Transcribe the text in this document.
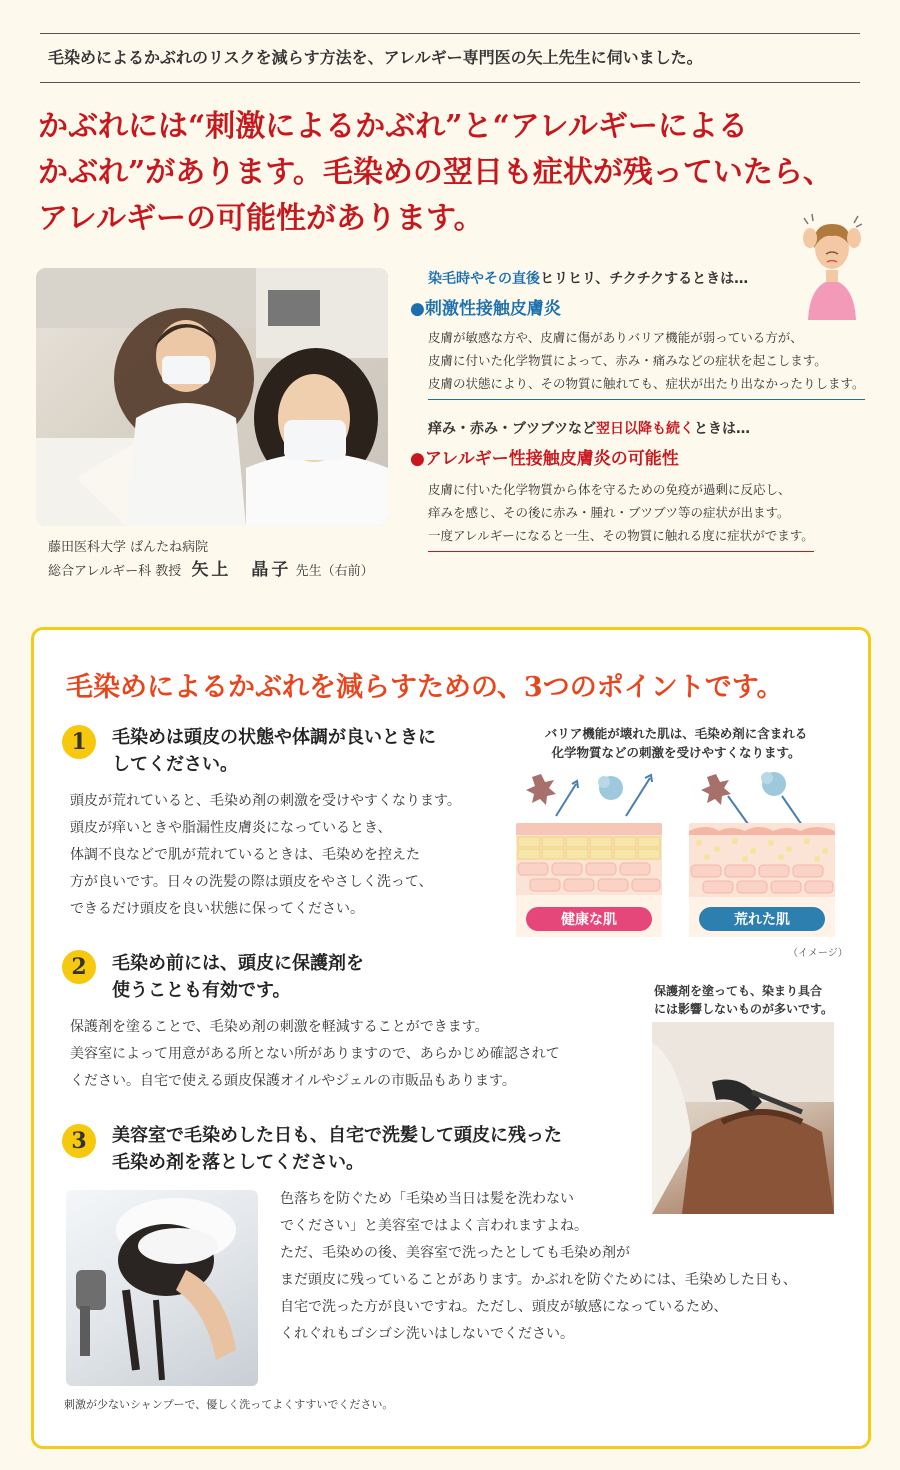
毛染めによるかぶれのリスクを減らす方法を、アレルギー専門医の矢上先生に伺いました。
かぶれには“刺激によるかぶれ”と“アレルギーによる
かぶれ”があります。毛染めの翌日も症状が残っていたら、
アレルギーの可能性があります。
藤田医科大学 ばんたね病院
総合アレルギー科 教授 矢上　晶子 先生（右前）
染毛時やその直後ヒリヒリ、チクチクするときは…
●刺激性接触皮膚炎
皮膚が敏感な方や、皮膚に傷がありバリア機能が弱っている方が、
皮膚に付いた化学物質によって、赤み・痛みなどの症状を起こします。
皮膚の状態により、その物質に触れても、症状が出たり出なかったりします。
痒み・赤み・ブツブツなど翌日以降も続くときは…
●アレルギー性接触皮膚炎の可能性
皮膚に付いた化学物質から体を守るための免疫が過剰に反応し、
痒みを感じ、その後に赤み・腫れ・ブツブツ等の症状が出ます。
一度アレルギーになると一生、その物質に触れる度に症状がでます。
毛染めによるかぶれを減らすための、3つのポイントです。
1	毛染めは頭皮の状態や体調が良いときに
してください。
頭皮が荒れていると、毛染め剤の刺激を受けやすくなります。
頭皮が痒いときや脂漏性皮膚炎になっているとき、
体調不良などで肌が荒れているときは、毛染めを控えた
方が良いです。日々の洗髪の際は頭皮をやさしく洗って、
できるだけ頭皮を良い状態に保ってください。
バリア機能が壊れた肌は、毛染め剤に含まれる
化学物質などの刺激を受けやすくなります。
健康な肌	荒れた肌
（イメージ）
2	毛染め前には、頭皮に保護剤を
使うことも有効です。
保護剤を塗ることで、毛染め剤の刺激を軽減することができます。
美容室によって用意がある所とない所がありますので、あらかじめ確認されて
ください。自宅で使える頭皮保護オイルやジェルの市販品もあります。
保護剤を塗っても、染まり具合
には影響しないものが多いです。
3	美容室で毛染めした日も、自宅で洗髪して頭皮に残った
毛染め剤を落としてください。
色落ちを防ぐため「毛染め当日は髪を洗わない
でください」と美容室ではよく言われますよね。
ただ、毛染めの後、美容室で洗ったとしても毛染め剤が
まだ頭皮に残っていることがあります。かぶれを防ぐためには、毛染めした日も、
自宅で洗った方が良いですね。ただし、頭皮が敏感になっているため、
くれぐれもゴシゴシ洗いはしないでください。
刺激が少ないシャンプーで、優しく洗ってよくすすいでください。
